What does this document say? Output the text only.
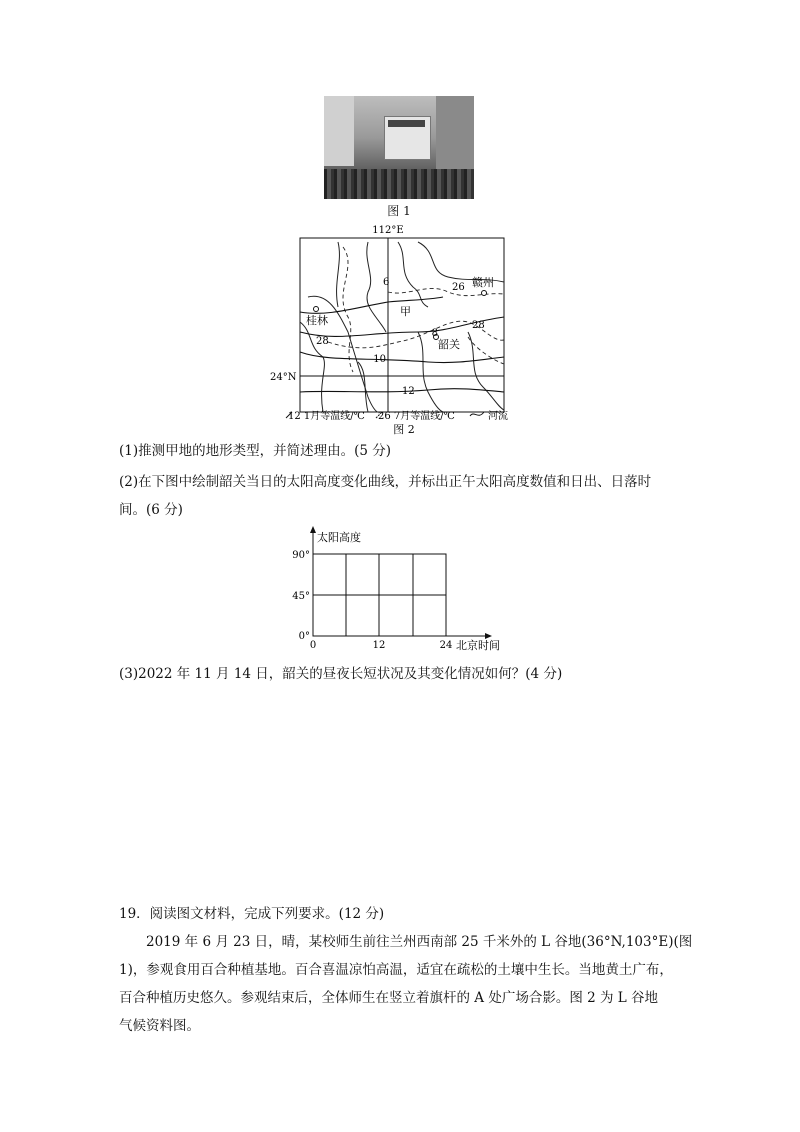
图 1
112°E
24°N
桂林
赣州
甲
韶关
6
8
10
12
26
28
28
12 1月等温线/℃ 26 7月等温线/℃	河流
图 2
(1)推测甲地的地形类型，并简述理由。(5 分)
(2)在下图中绘制韶关当日的太阳高度变化曲线，并标出正午太阳高度数值和日出、日落时
间。(6 分)
太阳高度
90°
45°
0°
0	12	24 北京时间
(3)2022 年 11 月 14 日，韶关的昼夜长短状况及其变化情况如何？(4 分)
19．阅读图文材料，完成下列要求。(12 分)
2019 年 6 月 23 日，晴，某校师生前往兰州西南部 25 千米外的 L 谷地(36°N,103°E)(图
1)，参观食用百合种植基地。百合喜温凉怕高温，适宜在疏松的土壤中生长。当地黄土广布，
百合种植历史悠久。参观结束后，全体师生在竖立着旗杆的 A 处广场合影。图 2 为 L 谷地
气候资料图。
